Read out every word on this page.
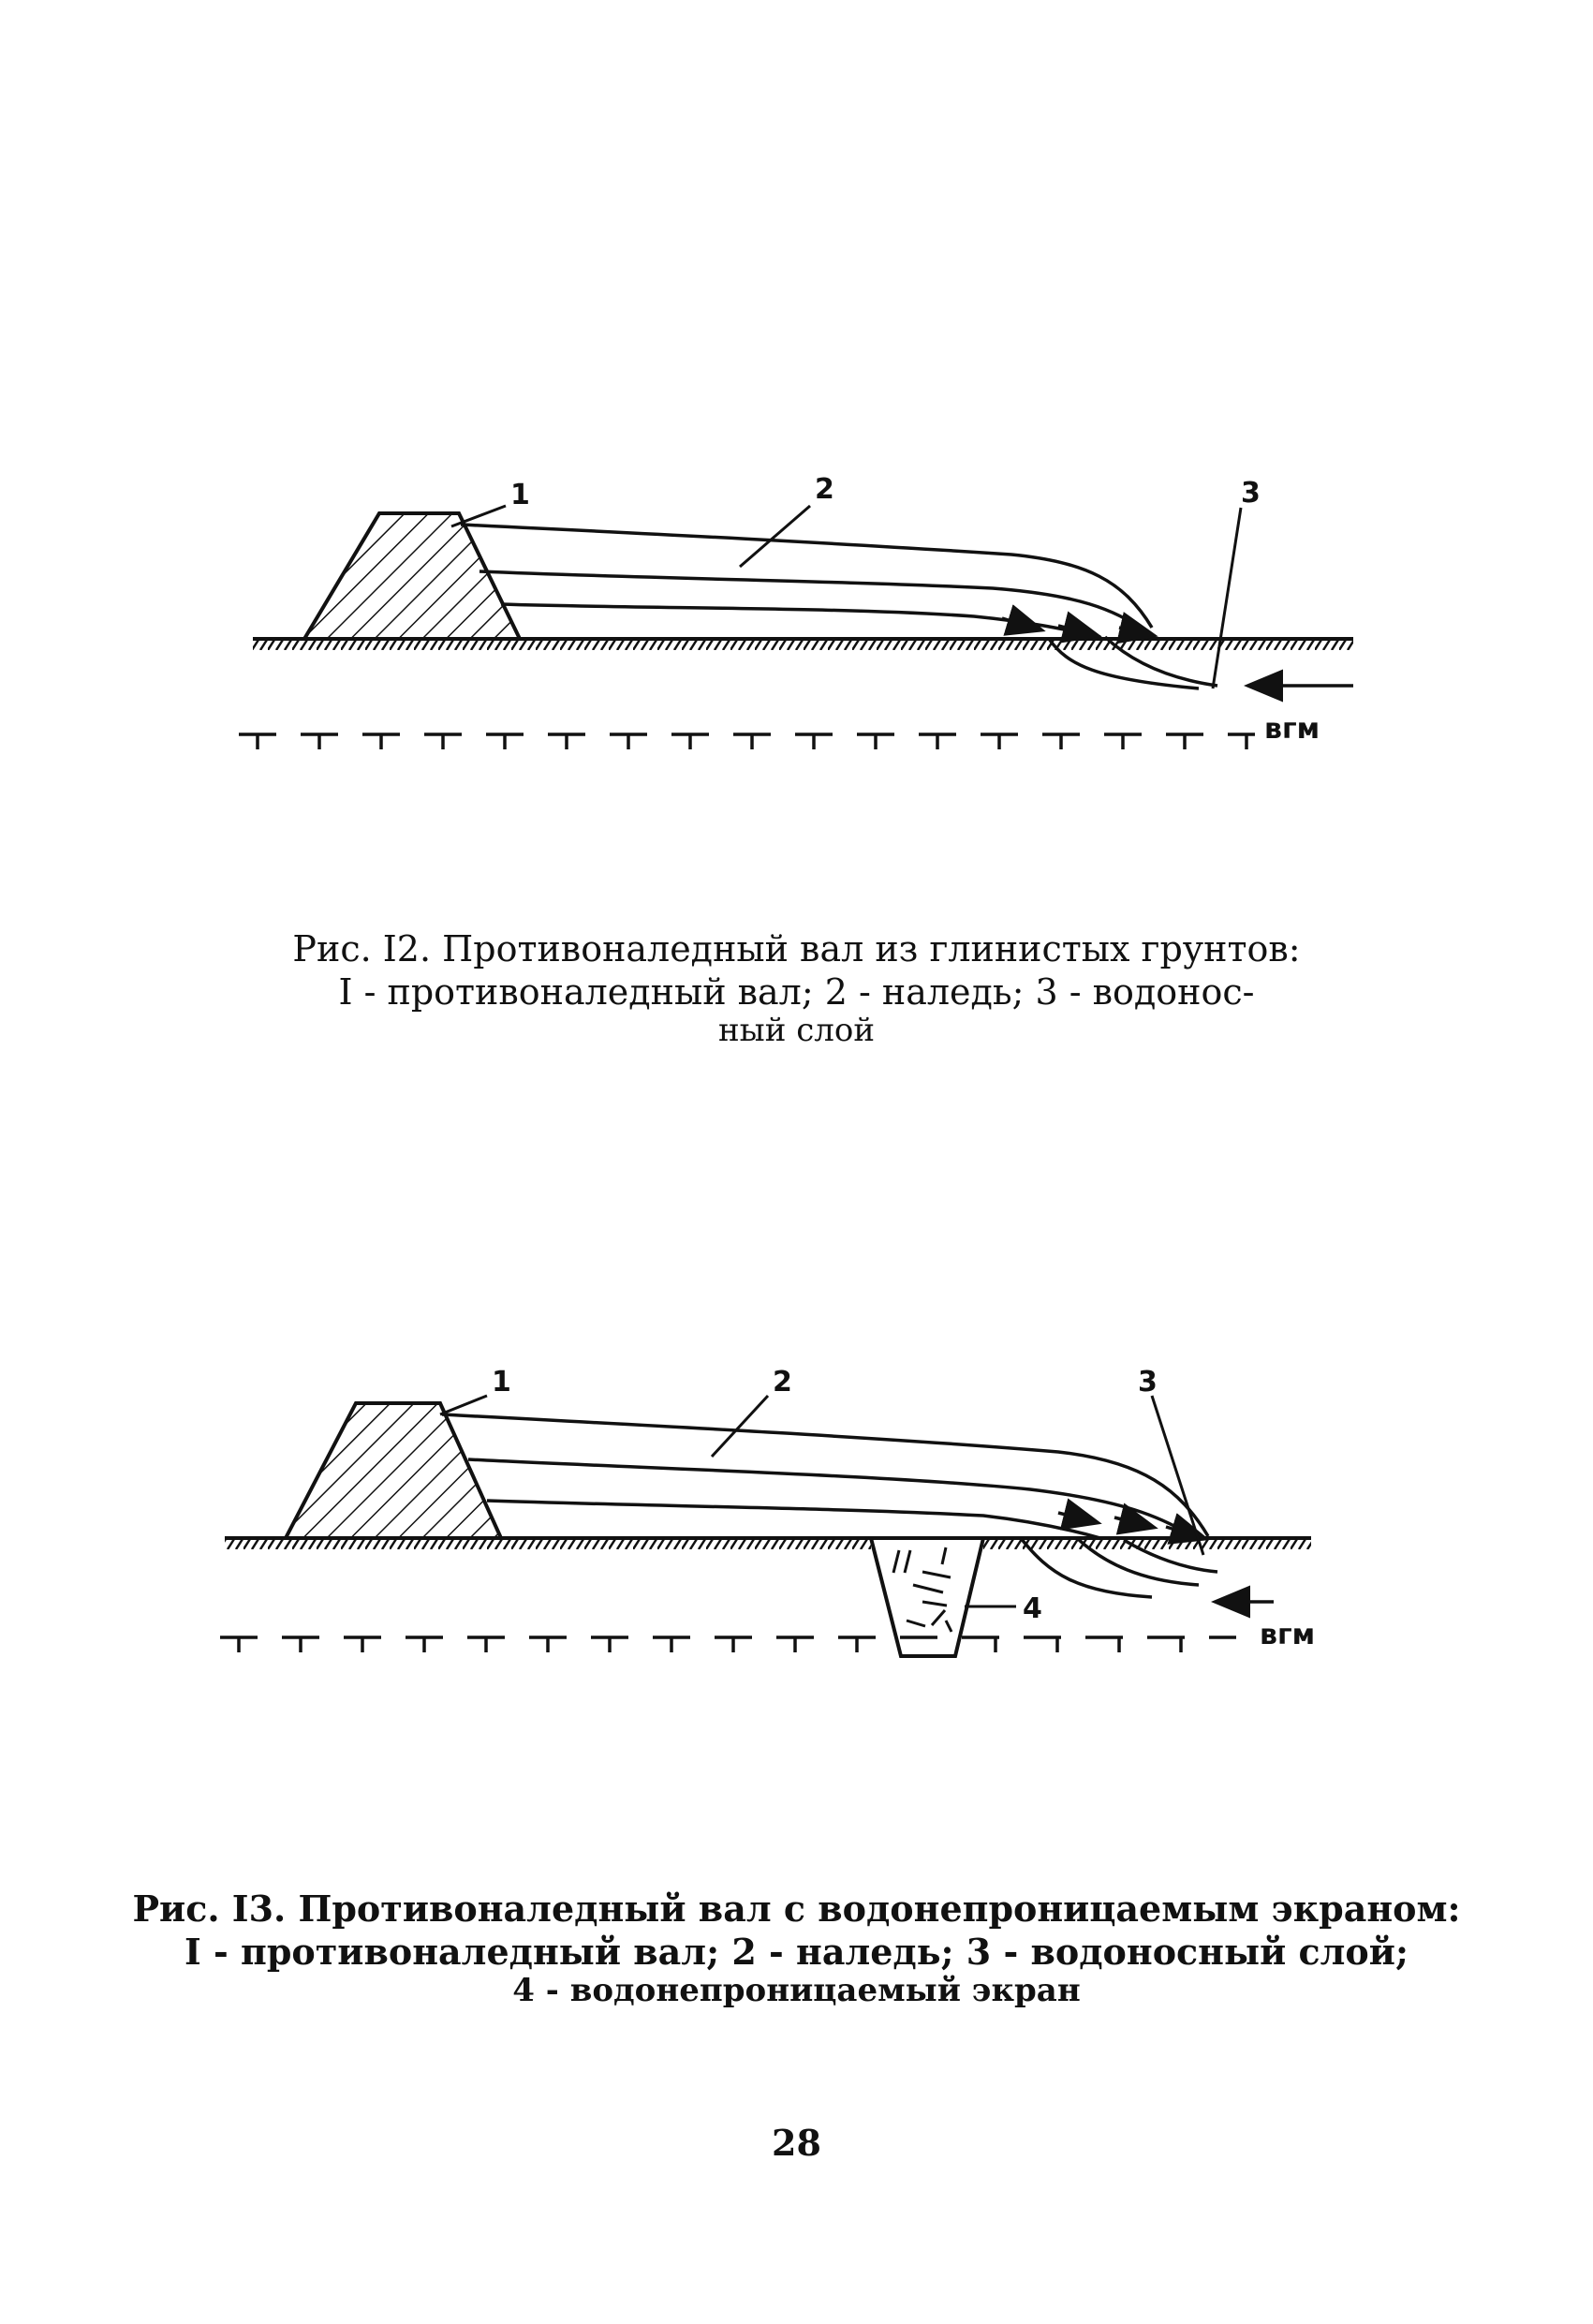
1	2	3
вгм
Рис. I2. Противоналедный вал из глинистых грунтов:
I - противоналедный вал; 2 - наледь; 3 - водонос-
ный слой
1	2	3
4
вгм
Рис. I3. Противоналедный вал с водонепроницаемым экраном:
I - противоналедный вал; 2 - наледь; 3 - водоносный слой;
4 - водонепроницаемый экран
28
